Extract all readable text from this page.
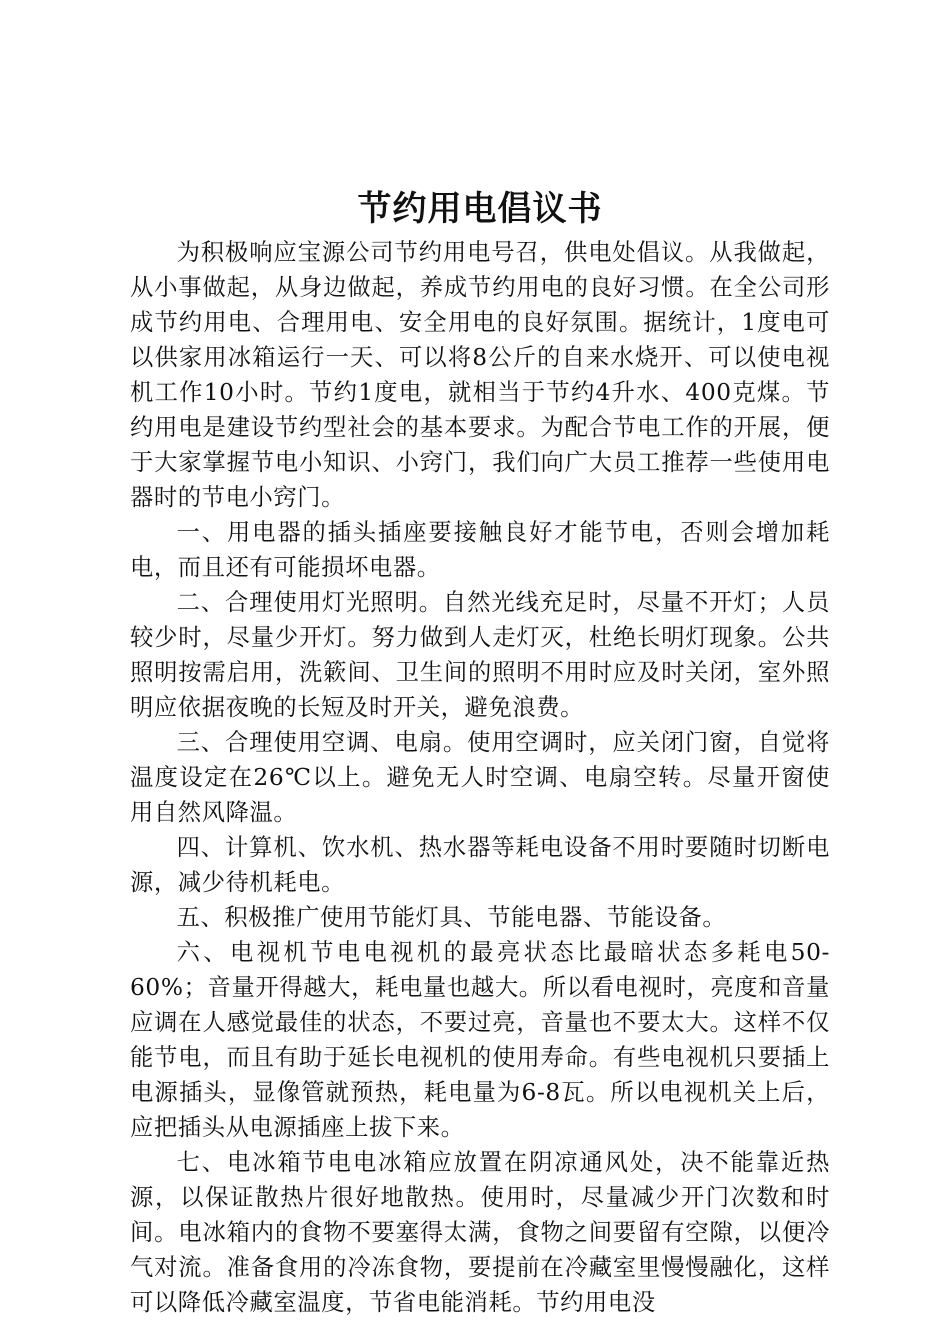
节约用电倡议书

为积极响应宝源公司节约用电号召，供电处倡议。从我做起，从小事做起，从身边做起，养成节约用电的良好习惯。在全公司形成节约用电、合理用电、安全用电的良好氛围。据统计，1度电可以供家用冰箱运行一天、可以将8公斤的自来水烧开、可以使电视机工作10小时。节约1度电，就相当于节约4升水、400克煤。节约用电是建设节约型社会的基本要求。为配合节电工作的开展，便于大家掌握节电小知识、小窍门，我们向广大员工推荐一些使用电器时的节电小窍门。

一、用电器的插头插座要接触良好才能节电，否则会增加耗电，而且还有可能损坏电器。

二、合理使用灯光照明。自然光线充足时，尽量不开灯；人员较少时，尽量少开灯。努力做到人走灯灭，杜绝长明灯现象。公共照明按需启用，洗簌间、卫生间的照明不用时应及时关闭，室外照明应依据夜晚的长短及时开关，避免浪费。

三、合理使用空调、电扇。使用空调时，应关闭门窗，自觉将温度设定在26℃以上。避免无人时空调、电扇空转。尽量开窗使用自然风降温。

四、计算机、饮水机、热水器等耗电设备不用时要随时切断电源，减少待机耗电。

五、积极推广使用节能灯具、节能电器、节能设备。

六、电视机节电电视机的最亮状态比最暗状态多耗电50-60%；音量开得越大，耗电量也越大。所以看电视时，亮度和音量应调在人感觉最佳的状态，不要过亮，音量也不要太大。这样不仅能节电，而且有助于延长电视机的使用寿命。有些电视机只要插上电源插头，显像管就预热，耗电量为6-8瓦。所以电视机关上后，应把插头从电源插座上拔下来。

七、电冰箱节电电冰箱应放置在阴凉通风处，决不能靠近热源，以保证散热片很好地散热。使用时，尽量减少开门次数和时间。电冰箱内的食物不要塞得太满，食物之间要留有空隙，以便冷气对流。准备食用的冷冻食物，要提前在冷藏室里慢慢融化，这样可以降低冷藏室温度，节省电能消耗。节约用电没
